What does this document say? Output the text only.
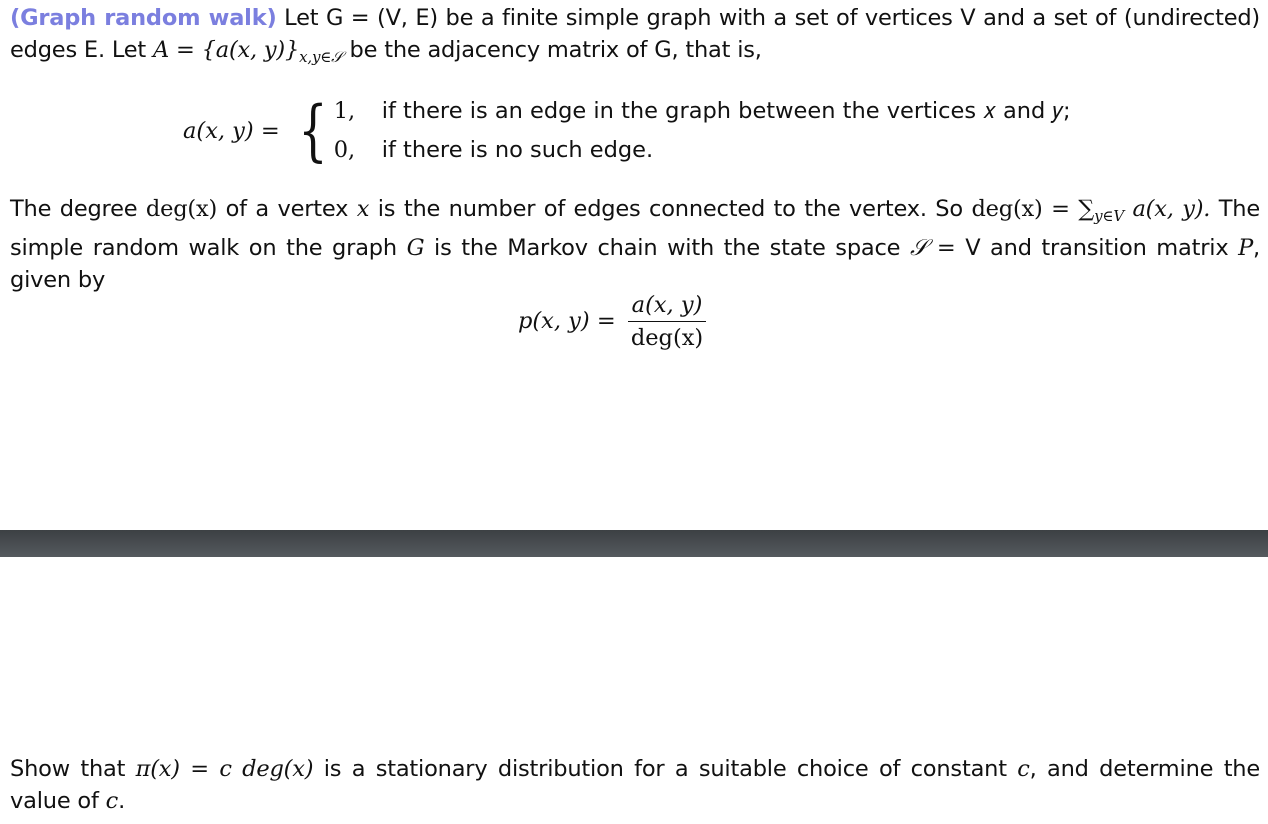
(Graph random walk) Let G = (V, E) be a finite simple graph with a set of vertices V and a set of (undirected) edges E. Let A = {a(x, $y)\}_{x,y\in 𝒮}$ be the adjacency matrix of G, that is,
a(x, y) = { 1,	if there is an edge in the graph between the vertices 𝑥 and 𝑦;
0,	if there is no such edge.
The degree deg(x) of a vertex x is the number of edges connected to the vertex. So $deg(x) = \sum_{y\in V}$ a(x, y). The simple random walk on the graph G is the Markov chain with the state space 𝒮 = V and transition matrix P, given by
p(x, $y) = \frac{a(x, y)}{\text{deg(x)}}$
Show that π(x) = c deg(x) is a stationary distribution for a suitable choice of constant c, and determine the value of c.
